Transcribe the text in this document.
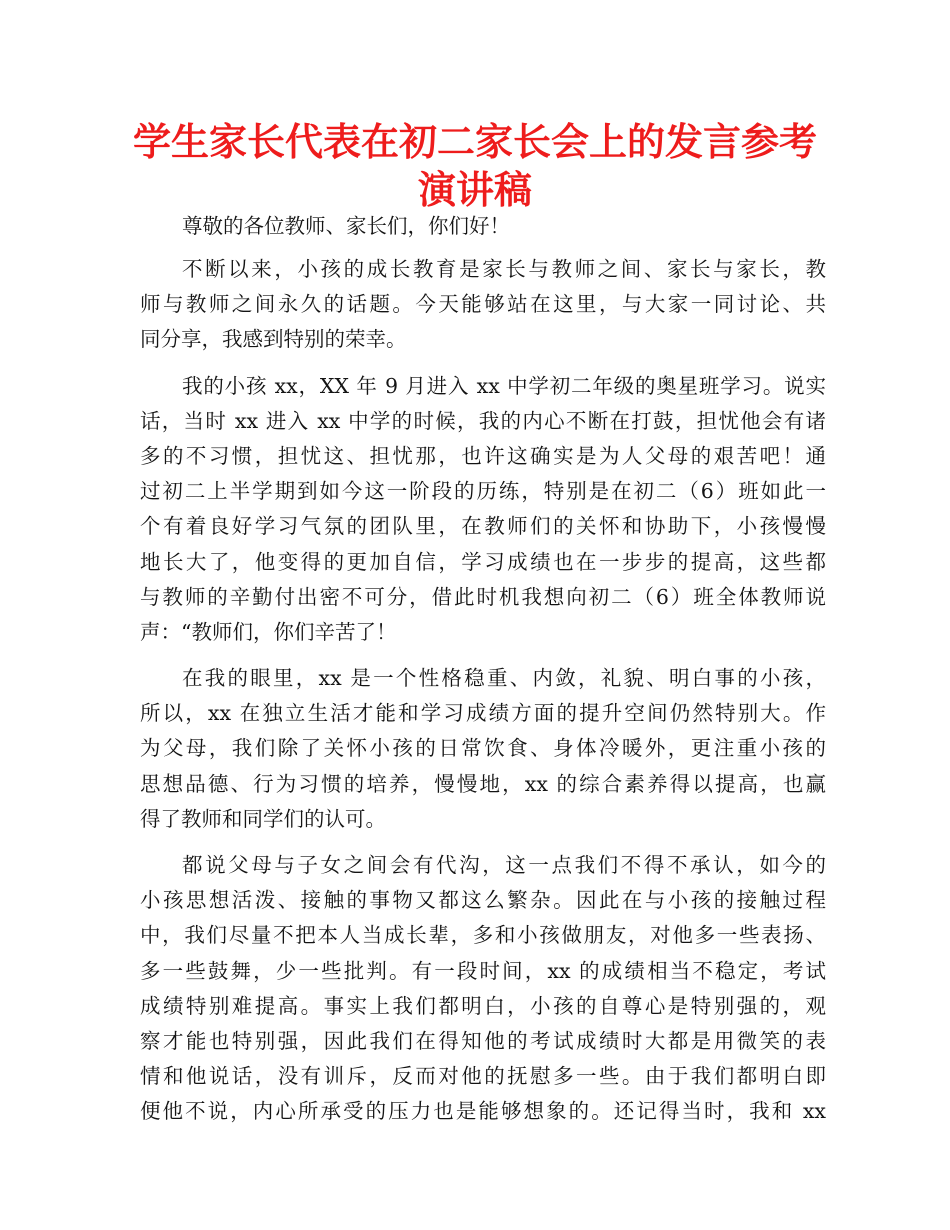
学生家长代表在初二家长会上的发言参考演讲稿

尊敬的各位教师、家长们，你们好！

不断以来，小孩的成长教育是家长与教师之间、家长与家长，教
师与教师之间永久的话题。今天能够站在这里，与大家一同讨论、共
同分享，我感到特别的荣幸。

我的小孩 xx，XX 年 9 月进入 xx 中学初二年级的奥星班学习。说实
话，当时 xx 进入 xx 中学的时候，我的内心不断在打鼓，担忧他会有诸
多的不习惯，担忧这、担忧那，也许这确实是为人父母的艰苦吧！通
过初二上半学期到如今这一阶段的历练，特别是在初二（6）班如此一
个有着良好学习气氛的团队里，在教师们的关怀和协助下，小孩慢慢
地长大了，他变得的更加自信，学习成绩也在一步步的提高，这些都
与教师的辛勤付出密不可分，借此时机我想向初二（6）班全体教师说
声：“教师们，你们辛苦了！

在我的眼里，xx 是一个性格稳重、内敛，礼貌、明白事的小孩，
所以，xx 在独立生活才能和学习成绩方面的提升空间仍然特别大。作
为父母，我们除了关怀小孩的日常饮食、身体冷暖外，更注重小孩的
思想品德、行为习惯的培养，慢慢地，xx 的综合素养得以提高，也赢
得了教师和同学们的认可。

都说父母与子女之间会有代沟，这一点我们不得不承认，如今的
小孩思想活泼、接触的事物又都这么繁杂。因此在与小孩的接触过程
中，我们尽量不把本人当成长辈，多和小孩做朋友，对他多一些表扬、
多一些鼓舞，少一些批判。有一段时间，xx 的成绩相当不稳定，考试
成绩特别难提高。事实上我们都明白，小孩的自尊心是特别强的，观
察才能也特别强，因此我们在得知他的考试成绩时大都是用微笑的表
情和他说话，没有训斥，反而对他的抚慰多一些。由于我们都明白即
便他不说，内心所承受的压力也是能够想象的。还记得当时，我和 xx
